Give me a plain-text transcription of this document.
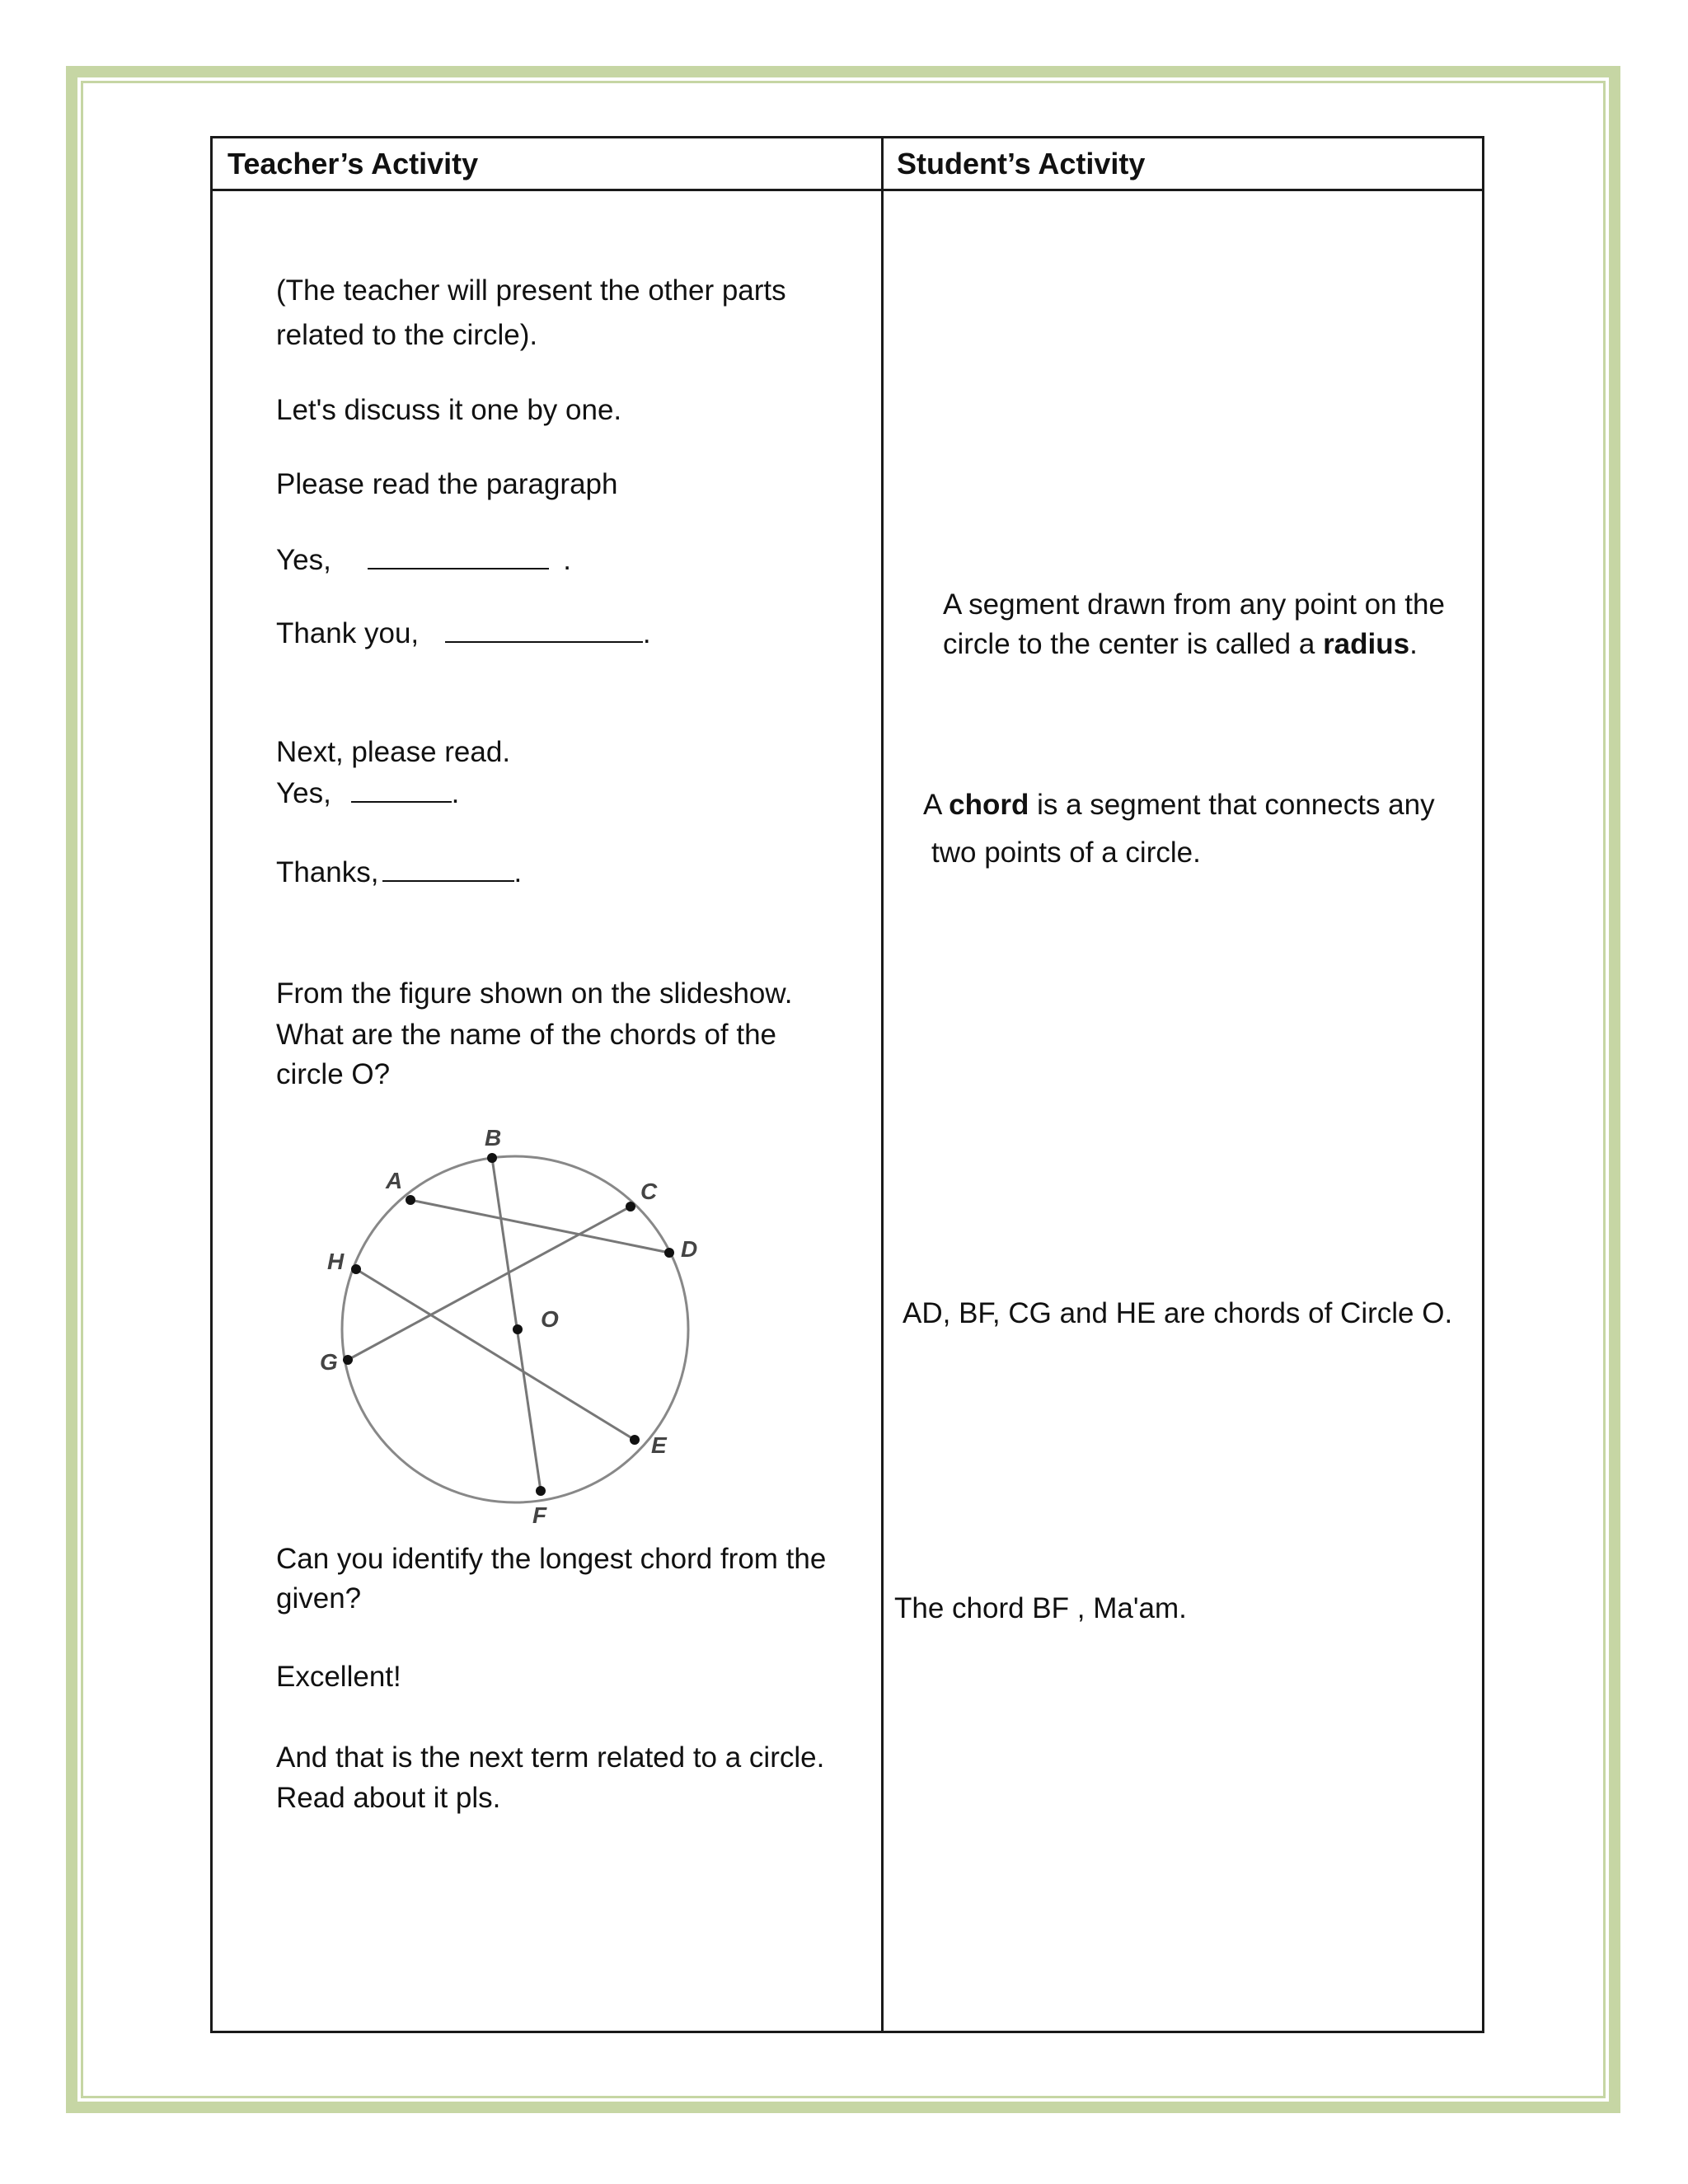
Teacher’s Activity	Student’s Activity
(The teacher will present the other parts
related to the circle).
Let's discuss it one by one.
Please read the paragraph
Yes,	.
Thank you,	.
Next, please read.
Yes,	.
Thanks,	.
From the figure shown on the slideshow.
What are the name of the chords of the
circle O?
A
B
C
D
E
F
G
H
O
Can you identify the longest chord from the
given?
Excellent!
And that is the next term related to a circle.
Read about it pls.
A segment drawn from any point on the
circle to the center is called a radius.
A chord is a segment that connects any
two points of a circle.
AD, BF, CG and HE are chords of Circle O.
The chord BF , Ma'am.
